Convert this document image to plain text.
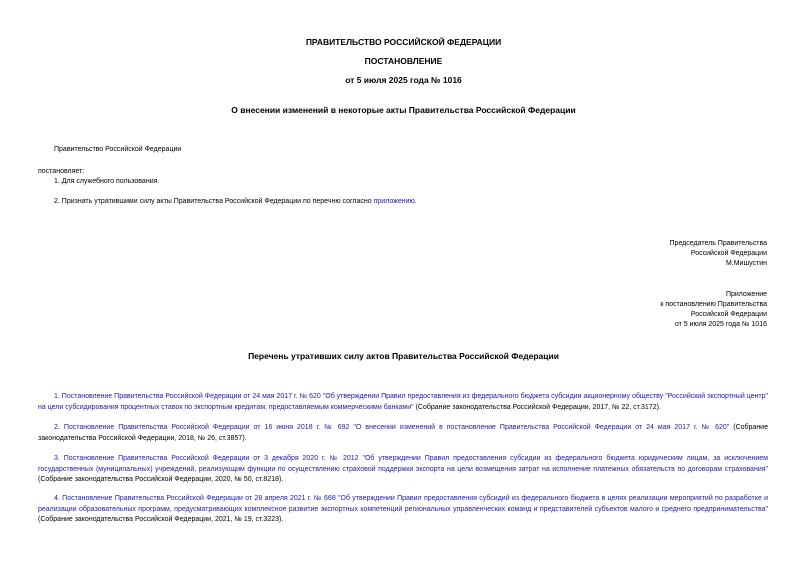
ПРАВИТЕЛЬСТВО РОССИЙСКОЙ ФЕДЕРАЦИИ
ПОСТАНОВЛЕНИЕ
от 5 июля 2025 года № 1016
О внесении изменений в некоторые акты Правительства Российской Федерации
Правительство Российской Федерации
постановляет:
1. Для служебного пользования.
2. Признать утратившими силу акты Правительства Российской Федерации по перечню согласно приложению.
Председатель Правительства
Российской Федерации
М.Мишустин
Приложение
к постановлению Правительства
Российской Федерации
от 5 июля 2025 года № 1016
Перечень утративших силу актов Правительства Российской Федерации
1. Постановление Правительства Российской Федерации от 24 мая 2017 г. № 620 "Об утверждении Правил предоставления из федерального бюджета субсидии акционерному обществу "Российский экспортный центр" на цели субсидирования процентных ставок по экспортным кредитам, предоставляемым коммерческими банками" (Собрание законодательства Российской Федерации, 2017, № 22, ст.3172).
2. Постановление Правительства Российской Федерации от 16 июня 2018 г. № 692 "О внесении изменений в постановление Правительства Российской Федерации от 24 мая 2017 г. № 620" (Собрание законодательства Российской Федерации, 2018, № 26, ст.3857).
3. Постановление Правительства Российской Федерации от 3 декабря 2020 г. № 2012 "Об утверждении Правил предоставления субсидии из федерального бюджета юридическим лицам, за исключением государственных (муниципальных) учреждений, реализующим функции по осуществлению страховой поддержки экспорта на цели возмещения затрат на исполнение платежных обязательств по договорам страхования" (Собрание законодательства Российской Федерации, 2020, № 50, ст.8218).
4. Постановление Правительства Российской Федерации от 28 апреля 2021 г. № 668 "Об утверждении Правил предоставления субсидий из федерального бюджета в целях реализации мероприятий по разработке и реализации образовательных программ, предусматривающих комплексное развитие экспортных компетенций региональных управленческих команд и представителей субъектов малого и среднего предпринимательства" (Собрание законодательства Российской Федерации, 2021, № 19, ст.3223).
